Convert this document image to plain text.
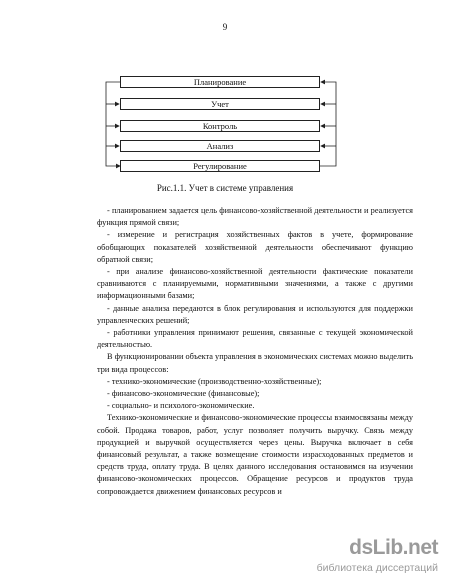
9
Планирование
Учет
Контроль
Анализ
Регулирование
Рис.1.1. Учет в системе управления

- планированием задается цель финансово-хозяйственной деятельности и реализуется функция прямой связи;

- измерение и регистрация хозяйственных фактов в учете, формирование обобщающих показателей хозяйственной деятельности обеспечивают функцию обратной связи;

- при анализе финансово-хозяйственной деятельности фактические показатели сравниваются с планируемыми, нормативными значениями, а также с другими информационными базами;

- данные анализа передаются в блок регулирования и используются для поддержки управленческих решений;

- работники управления принимают решения, связанные с текущей экономической деятельностью.

В функционировании объекта управления в экономических системах можно выделить три вида процессов:

- технико-экономические (производственно-хозяйственные);

- финансово-экономические (финансовые);

- социально- и психолого-экономические.

Технико-экономические и финансово-экономические процессы взаимосвязаны между собой. Продажа товаров, работ, услуг позволяет получить выручку. Связь между продукцией и выручкой осуществляется через цены. Выручка включает в себя финансовый результат, а также возмещение стоимости израсходованных предметов и средств труда, оплату труда. В целях данного исследования остановимся на изучении финансово-экономических процессов. Обращение ресурсов и продуктов труда сопровождается движением финансовых ресурсов и

dsLib.net
библиотека диссертаций
